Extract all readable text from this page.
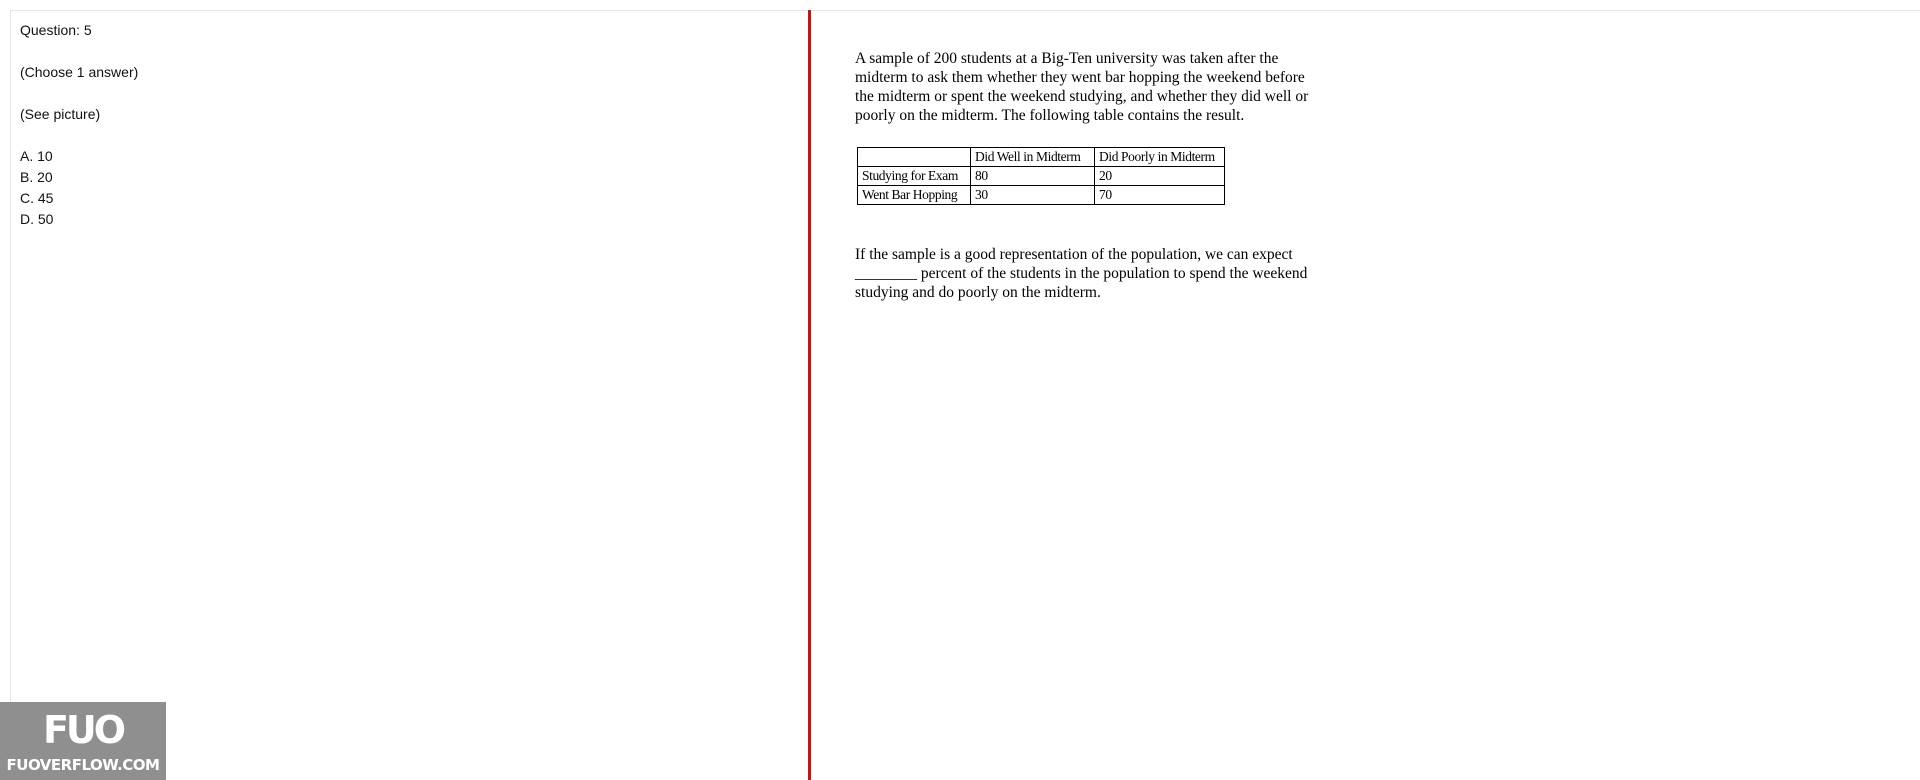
Question: 5
(Choose 1 answer)
(See picture)
A. 10
B. 20
C. 45
D. 50
A sample of 200 students at a Big-Ten university was taken after the midterm to ask them whether they went bar hopping the weekend before the midterm or spent the weekend studying, and whether they did well or poorly on the midterm. The following table contains the result.
	Did Well in Midterm	Did Poorly in Midterm
Studying for Exam	80	20
Went Bar Hopping	30	70
If the sample is a good representation of the population, we can expect ________ percent of the students in the population to spend the weekend studying and do poorly on the midterm.
FUO
FUOVERFLOW.COM
